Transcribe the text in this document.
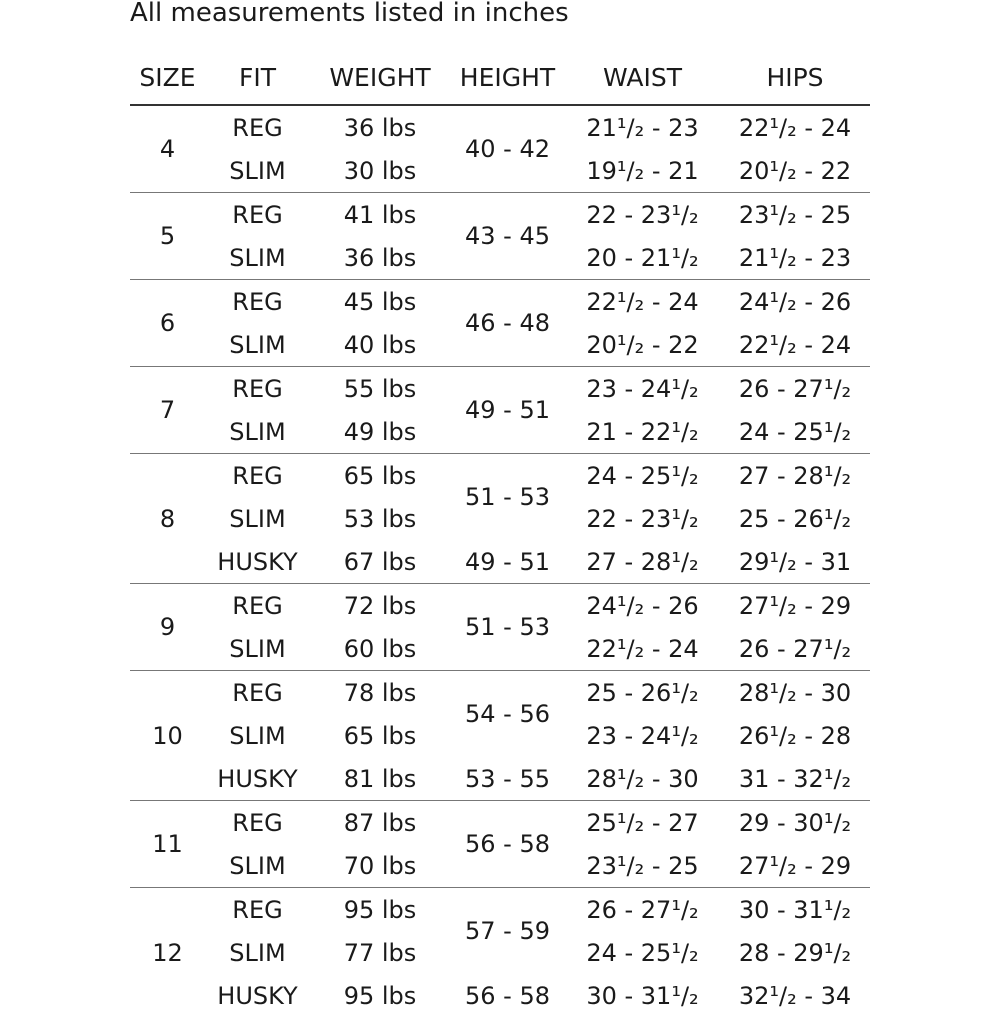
All measurements listed in inches
SIZE	FIT	WEIGHT	HEIGHT	WAIST	HIPS
4	REG	36 lbs	40 - 42	21¹/₂ - 23	22¹/₂ - 24
	SLIM	30 lbs		19¹/₂ - 21	20¹/₂ - 22
5	REG	41 lbs	43 - 45	22 - 23¹/₂	23¹/₂ - 25
	SLIM	36 lbs		20 - 21¹/₂	21¹/₂ - 23
6	REG	45 lbs	46 - 48	22¹/₂ - 24	24¹/₂ - 26
	SLIM	40 lbs		20¹/₂ - 22	22¹/₂ - 24
7	REG	55 lbs	49 - 51	23 - 24¹/₂	26 - 27¹/₂
	SLIM	49 lbs		21 - 22¹/₂	24 - 25¹/₂
8	REG	65 lbs	51 - 53	24 - 25¹/₂	27 - 28¹/₂
	SLIM	53 lbs		22 - 23¹/₂	25 - 26¹/₂
	HUSKY	67 lbs	49 - 51	27 - 28¹/₂	29¹/₂ - 31
9	REG	72 lbs	51 - 53	24¹/₂ - 26	27¹/₂ - 29
	SLIM	60 lbs		22¹/₂ - 24	26 - 27¹/₂
10	REG	78 lbs	54 - 56	25 - 26¹/₂	28¹/₂ - 30
	SLIM	65 lbs		23 - 24¹/₂	26¹/₂ - 28
	HUSKY	81 lbs	53 - 55	28¹/₂ - 30	31 - 32¹/₂
11	REG	87 lbs	56 - 58	25¹/₂ - 27	29 - 30¹/₂
	SLIM	70 lbs		23¹/₂ - 25	27¹/₂ - 29
12	REG	95 lbs	57 - 59	26 - 27¹/₂	30 - 31¹/₂
	SLIM	77 lbs		24 - 25¹/₂	28 - 29¹/₂
	HUSKY	95 lbs	56 - 58	30 - 31¹/₂	32¹/₂ - 34
